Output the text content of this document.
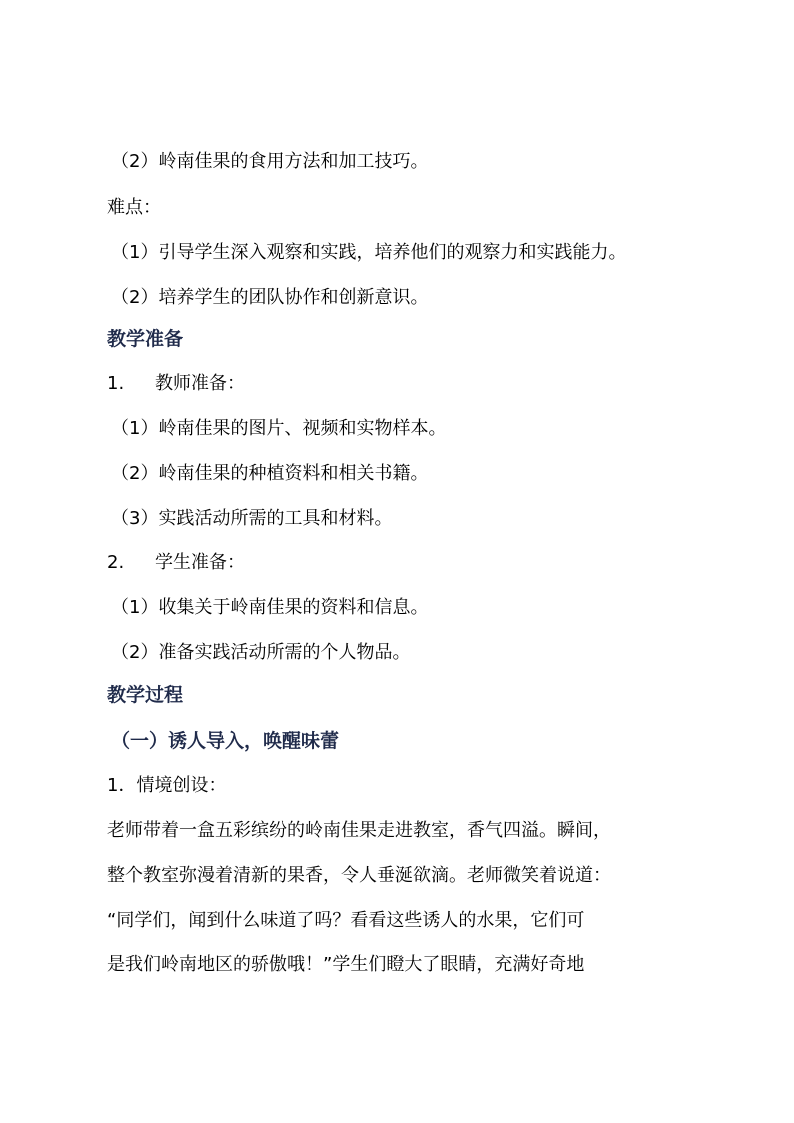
（2）岭南佳果的食用方法和加工技巧。
难点：
（1）引导学生深入观察和实践，培养他们的观察力和实践能力。
（2）培养学生的团队协作和创新意识。
教学准备
1. 教师准备：
（1）岭南佳果的图片、视频和实物样本。
（2）岭南佳果的种植资料和相关书籍。
（3）实践活动所需的工具和材料。
2. 学生准备：
（1）收集关于岭南佳果的资料和信息。
（2）准备实践活动所需的个人物品。
教学过程
（一）诱人导入，唤醒味蕾
1．情境创设：
老师带着一盒五彩缤纷的岭南佳果走进教室，香气四溢。瞬间，
整个教室弥漫着清新的果香，令人垂涎欲滴。老师微笑着说道：
“同学们，闻到什么味道了吗？看看这些诱人的水果，它们可
是我们岭南地区的骄傲哦！”学生们瞪大了眼睛，充满好奇地
